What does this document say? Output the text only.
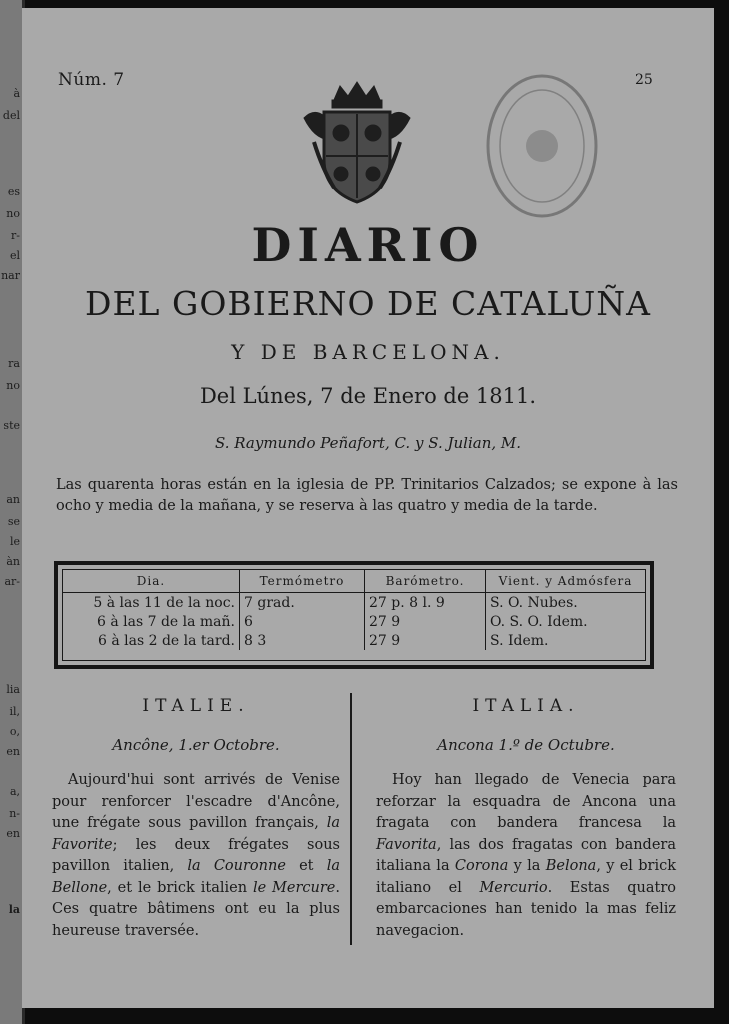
à
del
es
no
r-
el
nar
ra
no
ste
an
se
le
àn
ar-
lia
il,
o,
en
a,
n-
en
la
Núm. 7	25
DIARIO
DEL GOBIERNO DE CATALUÑA
Y DE BARCELONA.
Del Lúnes, 7 de Enero de 1811.
S. Raymundo Peñafort, C. y S. Julian, M.
Las quarenta horas están en la iglesia de PP. Trinitarios Calzados; se expone à las ocho y media de la mañana, y se reserva à las quatro y media de la tarde.
Dia.	Termómetro	Barómetro.	Vient. y Admósfera
5 à las 11 de la noc.	7 grad.	27 p. 8 l. 9	S. O. Nubes.
6 à las 7 de la mañ.	6	27 9	O. S. O. Idem.
6 à las 2 de la tard.	8 3	27 9	S. Idem.
ITALIE.
Ancône, 1.er Octobre.

Aujourd'hui sont arrivés de Venise pour renforcer l'escadre d'Ancône, une frégate sous pavillon français, la Favorite; les deux frégates sous pavillon italien, la Couronne et la Bellone, et le brick italien le Mercure. Ces quatre bâtimens ont eu la plus heureuse traversée.

ITALIA.
Ancona 1.º de Octubre.

Hoy han llegado de Venecia para reforzar la esquadra de Ancona una fragata con bandera francesa la Favorita, las dos fragatas con bandera italiana la Corona y la Belona, y el brick italiano el Mercurio. Estas quatro embarcaciones han tenido la mas feliz navegacion.
